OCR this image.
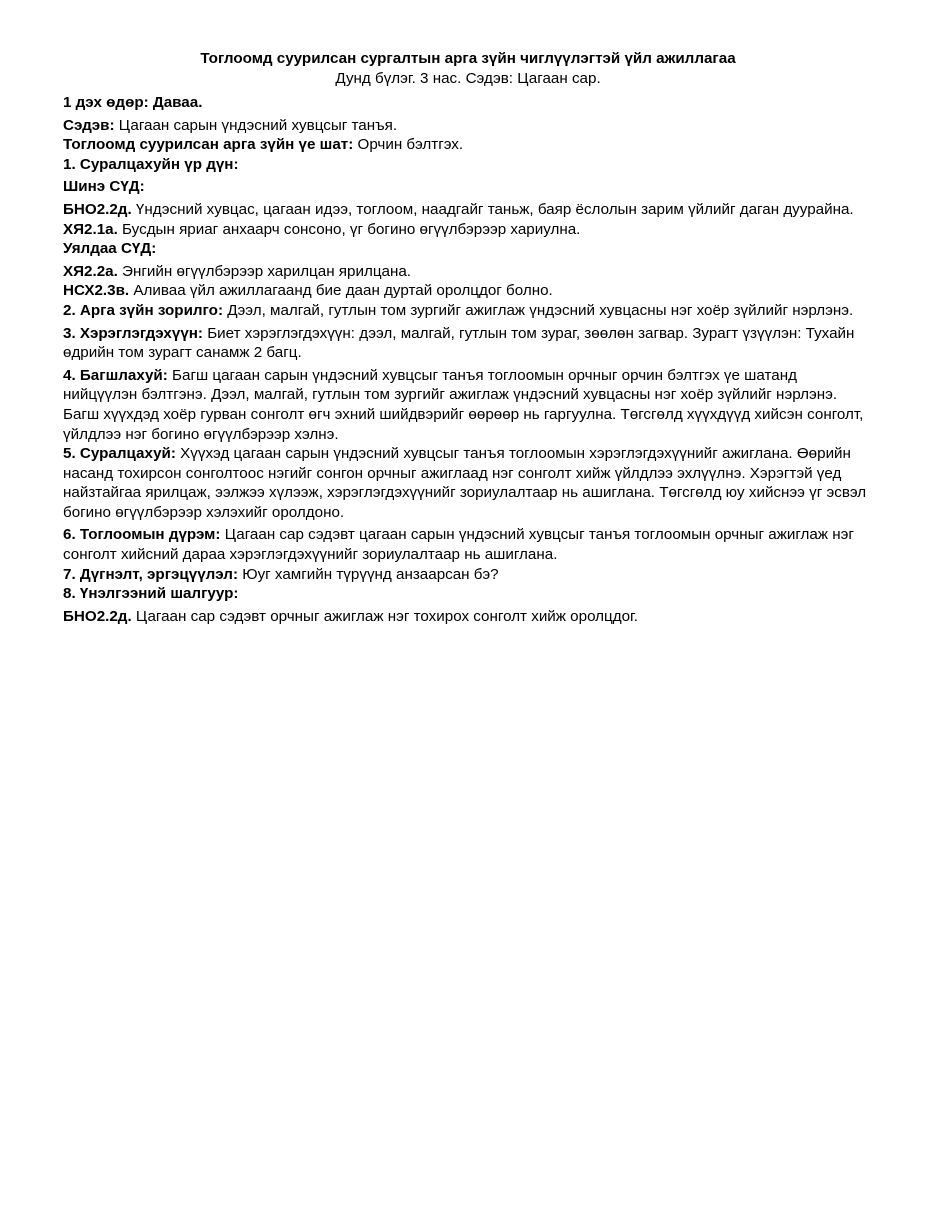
Тоглоомд суурилсан сургалтын арга зүйн чиглүүлэгтэй үйл ажиллагаа
Дунд бүлэг. 3 нас. Сэдэв: Цагаан сар.
1 дэх өдөр: Даваа.
Сэдэв: Цагаан сарын үндэсний хувцсыг танъя.
Тоглоомд суурилсан арга зүйн үе шат: Орчин бэлтгэх.
1. Суралцахуйн үр дүн:
Шинэ СҮД:
БНО2.2д. Үндэсний хувцас, цагаан идээ, тоглоом, наадгайг таньж, баяр ёслолын зарим үйлийг даган дуурайна.
ХЯ2.1а. Бусдын яриаг анхаарч сонсоно, үг богино өгүүлбэрээр хариулна.
Уялдаа СҮД:
ХЯ2.2а. Энгийн өгүүлбэрээр харилцан ярилцана.
НСХ2.3в. Аливаа үйл ажиллагаанд бие даан дуртай оролцдог болно.
2. Арга зүйн зорилго: Дээл, малгай, гутлын том зургийг ажиглаж үндэсний хувцасны нэг хоёр зүйлийг нэрлэнэ.
3. Хэрэглэгдэхүүн: Биет хэрэглэгдэхүүн: дээл, малгай, гутлын том зураг, зөөлөн загвар. Зурагт үзүүлэн: Тухайн өдрийн том зурагт санамж 2 багц.
4. Багшлахуй: Багш цагаан сарын үндэсний хувцсыг танъя тоглоомын орчныг орчин бэлтгэх үе шатанд нийцүүлэн бэлтгэнэ. Дээл, малгай, гутлын том зургийг ажиглаж үндэсний хувцасны нэг хоёр зүйлийг нэрлэнэ. Багш хүүхдэд хоёр гурван сонголт өгч эхний шийдвэрийг өөрөөр нь гаргуулна. Төгсгөлд хүүхдүүд хийсэн сонголт, үйлдлээ нэг богино өгүүлбэрээр хэлнэ.
5. Суралцахуй: Хүүхэд цагаан сарын үндэсний хувцсыг танъя тоглоомын хэрэглэгдэхүүнийг ажиглана. Өөрийн насанд тохирсон сонголтоос нэгийг сонгон орчныг ажиглаад нэг сонголт хийж үйлдлээ эхлүүлнэ. Хэрэгтэй үед найзтайгаа ярилцаж, ээлжээ хүлээж, хэрэглэгдэхүүнийг зориулалтаар нь ашиглана. Төгсгөлд юу хийснээ үг эсвэл богино өгүүлбэрээр хэлэхийг оролдоно.
6. Тоглоомын дүрэм: Цагаан сар сэдэвт цагаан сарын үндэсний хувцсыг танъя тоглоомын орчныг ажиглаж нэг сонголт хийсний дараа хэрэглэгдэхүүнийг зориулалтаар нь ашиглана.
7. Дүгнэлт, эргэцүүлэл: Юуг хамгийн түрүүнд анзаарсан бэ?
8. Үнэлгээний шалгуур:
БНО2.2д. Цагаан сар сэдэвт орчныг ажиглаж нэг тохирох сонголт хийж оролцдог.
